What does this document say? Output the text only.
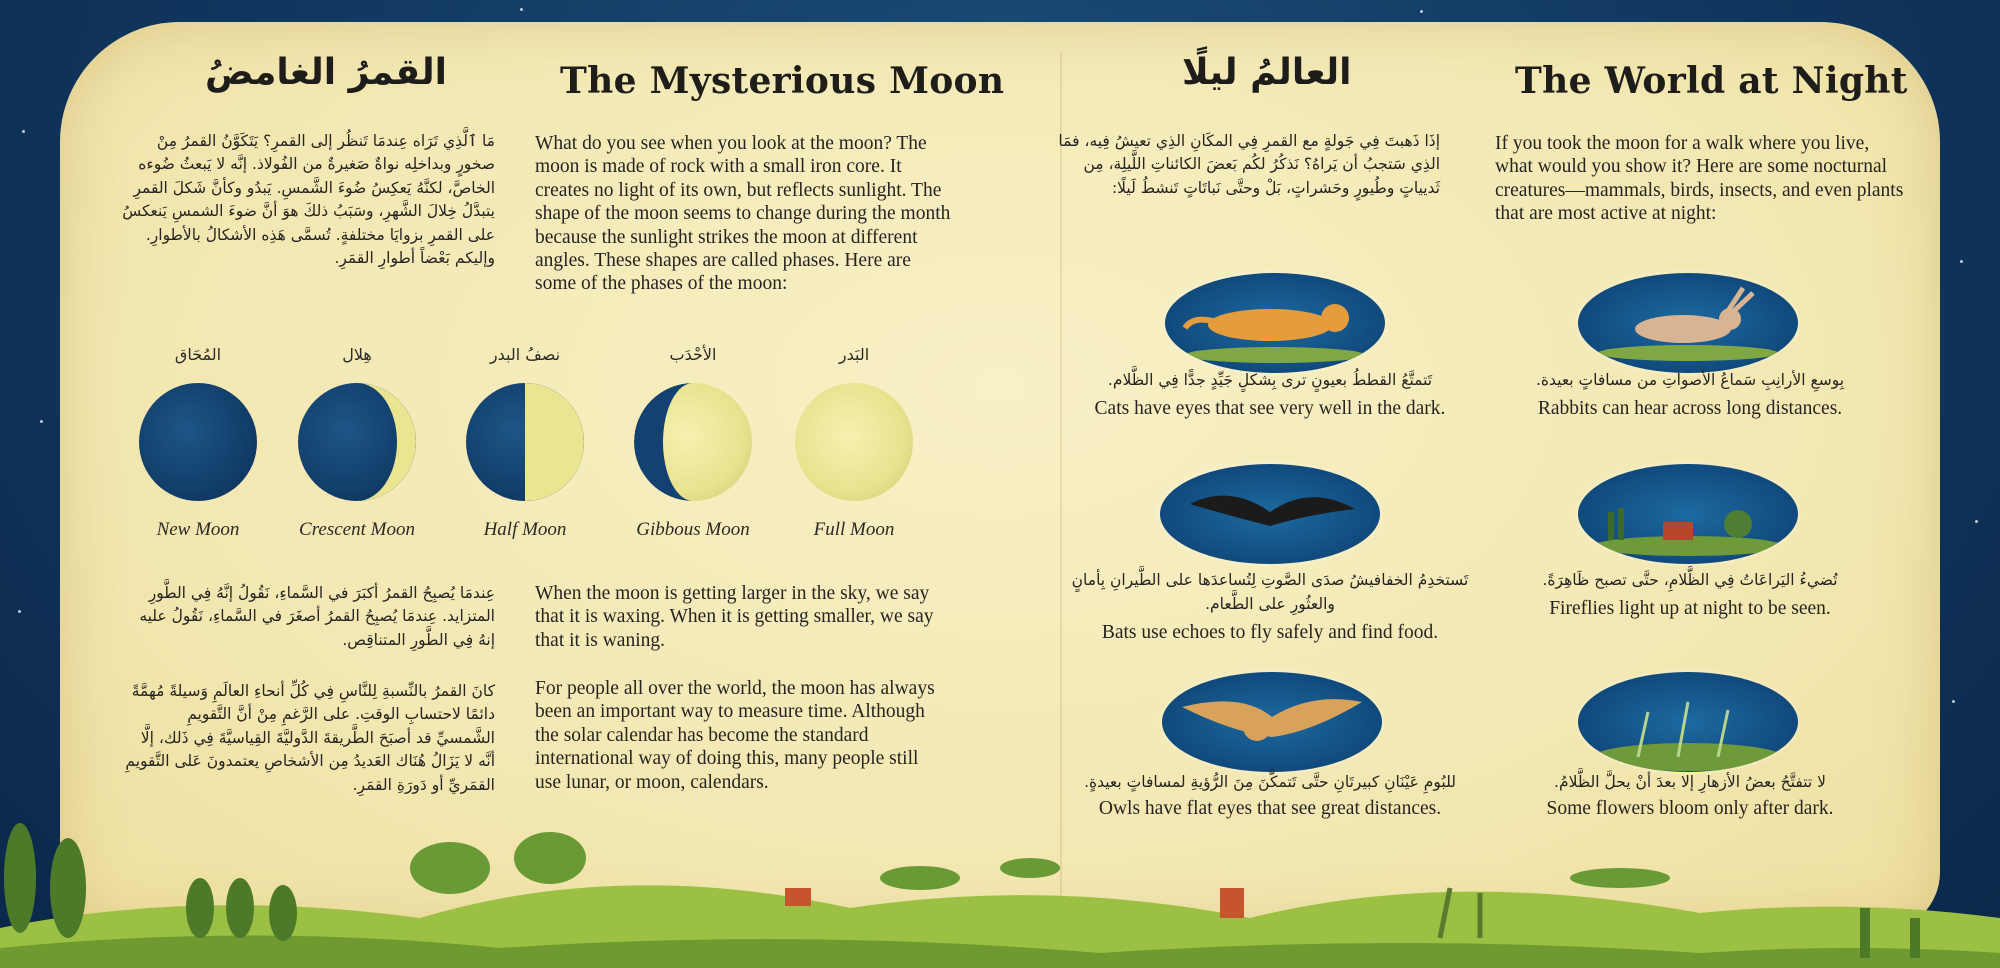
القمرُ الغامضُ	The Mysterious Moon
مَا ٱلَّذِي تَرَاه عِندمَا تَنظُر إلى القمرِ؟ يَتَكَوَّنُ القمرُ مِنْ صخورٍ وبداخلِه نواةٌ صَغيرةٌ من الفُولاذ. إنَّه لا يَبعثُ ضُوءه الخاصَّ، لكنَّهُ يَعكِسُ ضُوءَ الشَّمسِ. يَبدُو وكأنَّ شَكلَ القمرِ يتبدَّلُ خِلالَ الشَّهرِ، وسَبَبُ ذلكَ هوَ أنَّ ضوءَ الشمسِ يَنعكسُ على القمرِ بزوايَا مختلفةٍ. تُسمَّى هَذِه الأشكالُ بالأطوارِ. وإليكم بَعْضاً أطوارِ القمَرِ.
What do you see when you look at the moon? The moon is made of rock with a small iron core. It creates no light of its own, but reflects sunlight. The shape of the moon seems to change during the month because the sunlight strikes the moon at different angles. These shapes are called phases. Here are some of the phases of the moon:
المُحَاق
New Moon
هِلال
Crescent Moon
نصفُ البدر
Half Moon
الأحْدَب
Gibbous Moon
البَدر
Full Moon
عِندمَا يُصبِحُ القمرُ أكبَرَ في السَّماءِ، نَقُولُ إنَّهُ فِي الطَّورِ المتزايد. عِندمَا يُصبِحُ القمرُ أصغَرَ في السَّماءِ، نَقُولُ عليه إنهُ فِي الطَّورِ المتناقِص.
When the moon is getting larger in the sky, we say that it is waxing. When it is getting smaller, we say that it is waning.
كانَ القمرُ بالنِّسبةِ لِلنَّاسِ فِي كُلِّ أنحاءِ العالَمِ وَسيلةً مُهمَّةً دائمًا لاحتسابِ الوقتِ. على الرَّغمِ مِنْ أنَّ التَّقويمِ الشَّمسيِّ قد أصبَحَ الطَّريقةَ الدَّوليَّةَ القِياسيَّةَ فِي ذَلك، إلَّا أنَّه لا يَزَالُ هُنَاك العَديدُ مِن الأشخاصِ يعتمدونَ عَلى التَّقويمِ القمَريِّ أو دَورَةِ القمَرِ.
For people all over the world, the moon has always been an important way to measure time. Although the solar calendar has become the standard international way of doing this, many people still use lunar, or moon, calendars.
العالمُ ليلًا	The World at Night
إذَا ذَهبتَ فِي جَولةٍ مع القمرِ فِي المكَانِ الذِي تعيشُ فِيه، فمَا الذِي سَتجبُ أن يَراهُ؟ نَذكُرُ لكُم بَعضَ الكائناتِ اللَّيلِة، مِن ثَديياتٍ وطُيورٍ وحَشراتٍ، بَلْ وحتَّى نَباتَاتٍ تَنشطُ لَيلًا:
If you took the moon for a walk where you live, what would you show it? Here are some nocturnal creatures—mammals, birds, insects, and even plants that are most active at night:
تَتمتَّعُ القططُ بعيونٍ ترى بِشكلٍ جَيِّدٍ جدًّا فِي الظَّلام.
Cats have eyes that see very well in the dark.
بِوسعِ الأرانِبِ سَماعُ الأصواتِ من مسافاتٍ بعيدة.
Rabbits can hear across long distances.
تَستخدِمُ الخفافيشُ صدَى الصَّوتِ لِتُساعدَها على الطَّيرانِ بِأمانٍ والعثُورِ على الطَّعام.
Bats use echoes to fly safely and find food.
تُضيءُ اليَراعَاتُ فِي الظَّلامِ، حتَّى تصبح ظَاهِرَةً.
Fireflies light up at night to be seen.
للبُومِ عَيْنَانِ كبيرتَانِ حتَّى تَتمكَّنَ مِنَ الرُّؤيةِ لمسافاتٍ بعيدةٍ.
Owls have flat eyes that see great distances.
لا تتفتَّحُ بعضُ الأزهارِ إلا بعدَ أنْ يحلَّ الظَّلامُ.
Some flowers bloom only after dark.
